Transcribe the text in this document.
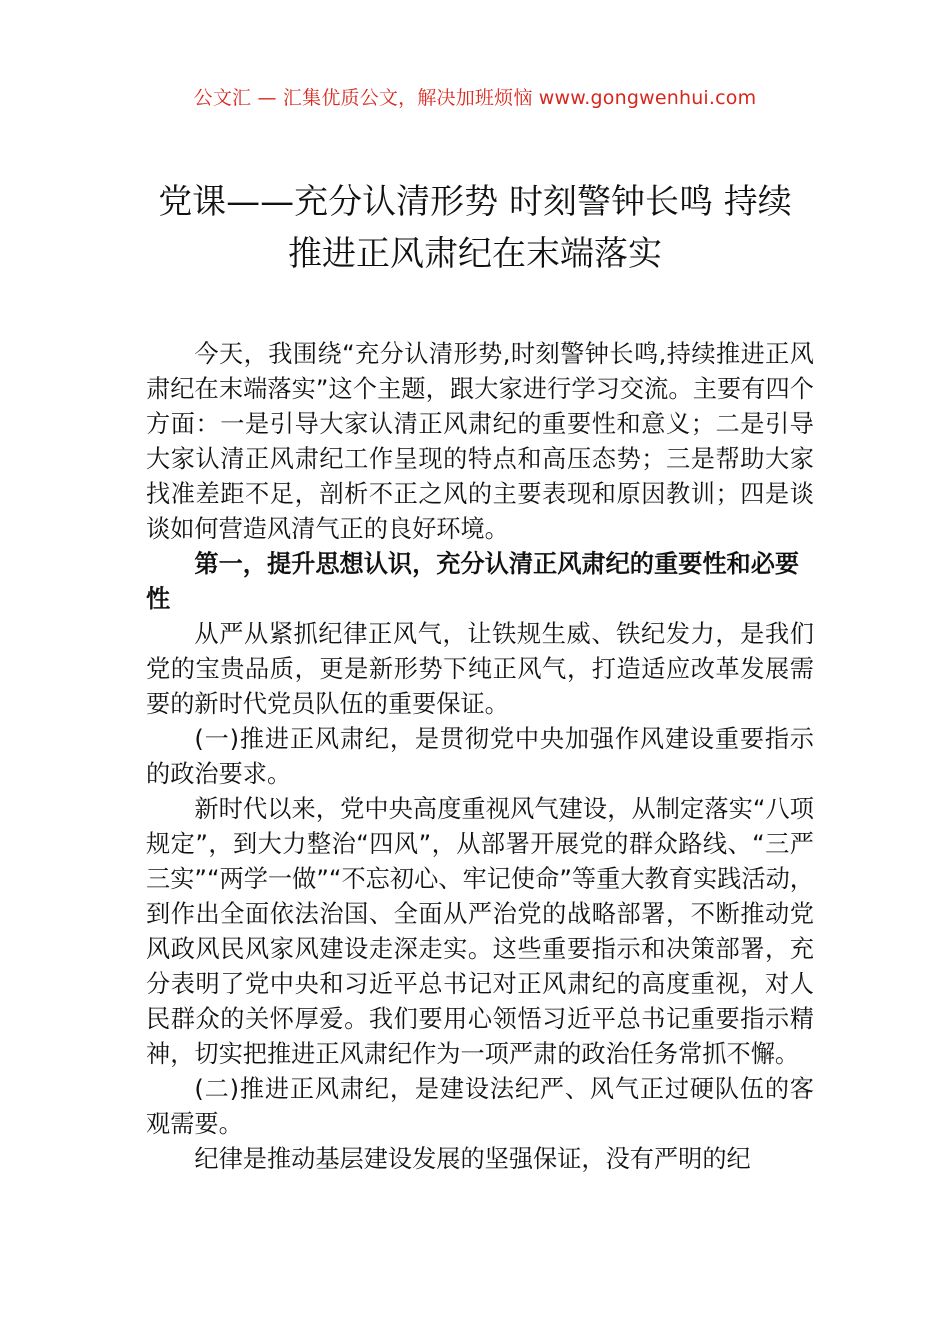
公文汇 — 汇集优质公文，解决加班烦恼 www.gongwenhui.com
党课——充分认清形势 时刻警钟长鸣 持续
推进正风肃纪在末端落实

今天，我围绕“充分认清形势,时刻警钟长鸣,持续推进正风肃纪在末端落实”这个主题，跟大家进行学习交流。主要有四个方面：一是引导大家认清正风肃纪的重要性和意义；二是引导大家认清正风肃纪工作呈现的特点和高压态势；三是帮助大家找准差距不足，剖析不正之风的主要表现和原因教训；四是谈谈如何营造风清气正的良好环境。

第一，提升思想认识，充分认清正风肃纪的重要性和必要性

从严从紧抓纪律正风气，让铁规生威、铁纪发力，是我们党的宝贵品质，更是新形势下纯正风气，打造适应改革发展需要的新时代党员队伍的重要保证。

(一)推进正风肃纪，是贯彻党中央加强作风建设重要指示的政治要求。

新时代以来，党中央高度重视风气建设，从制定落实“八项规定”，到大力整治“四风”，从部署开展党的群众路线、“三严三实”“两学一做”“不忘初心、牢记使命”等重大教育实践活动，到作出全面依法治国、全面从严治党的战略部署，不断推动党风政风民风家风建设走深走实。这些重要指示和决策部署，充分表明了党中央和习近平总书记对正风肃纪的高度重视，对人民群众的关怀厚爱。我们要用心领悟习近平总书记重要指示精神，切实把推进正风肃纪作为一项严肃的政治任务常抓不懈。

(二)推进正风肃纪，是建设法纪严、风气正过硬队伍的客观需要。

纪律是推动基层建设发展的坚强保证，没有严明的纪
